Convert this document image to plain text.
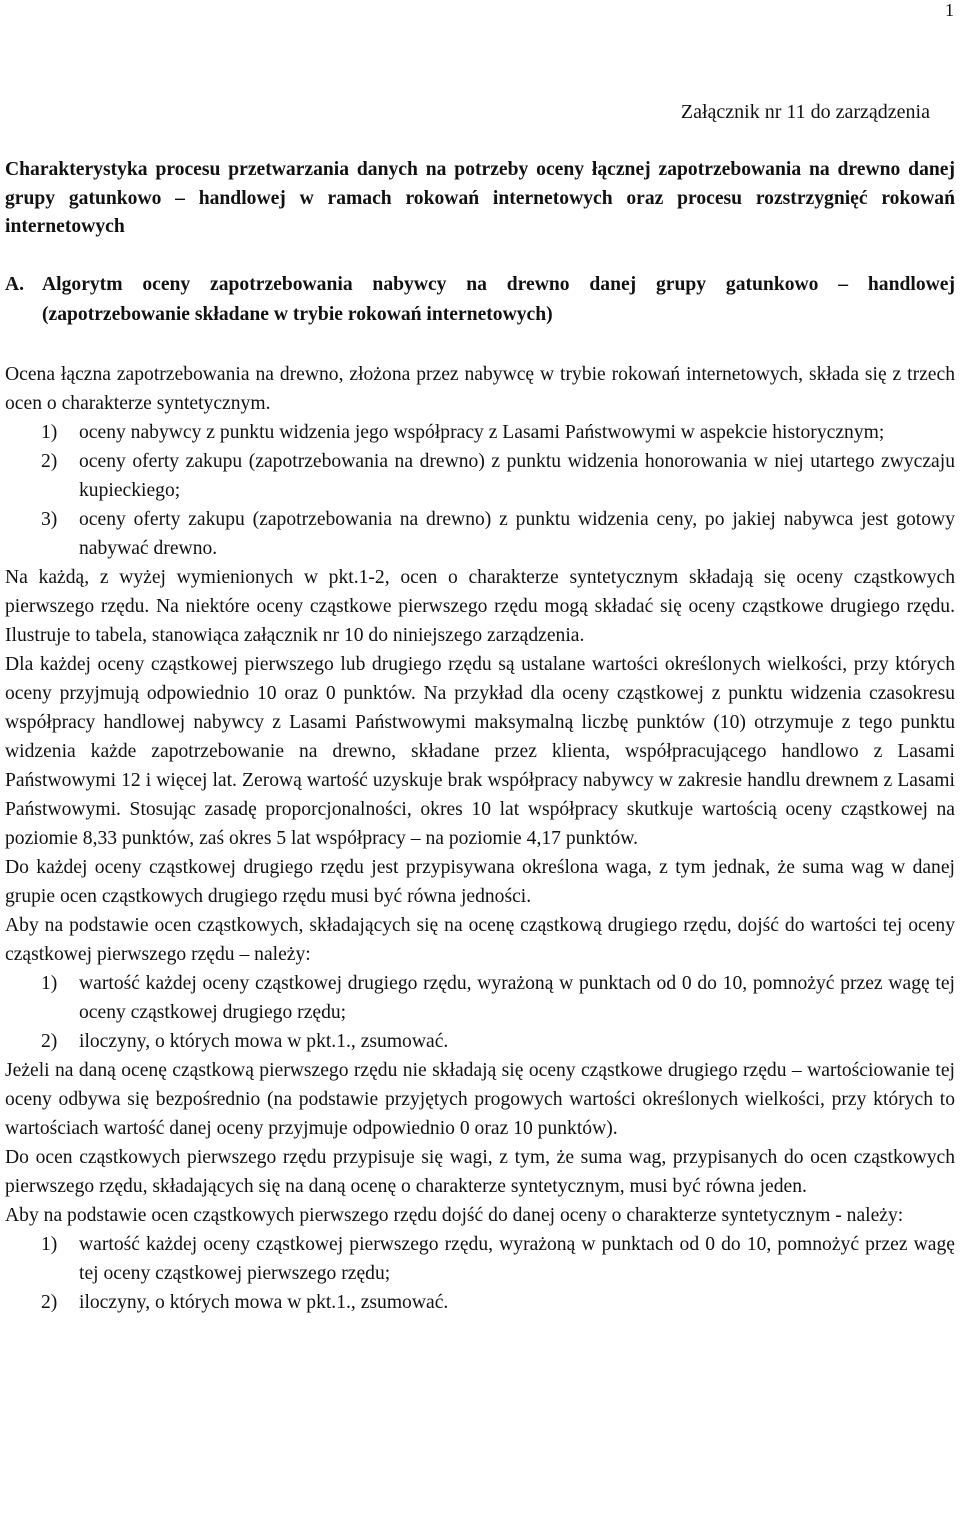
1
Załącznik nr 11 do zarządzenia
Charakterystyka procesu przetwarzania danych na potrzeby oceny łącznej zapotrzebowania na drewno danej grupy gatunkowo – handlowej w ramach rokowań internetowych oraz procesu rozstrzygnięć rokowań internetowych
A. Algorytm oceny zapotrzebowania nabywcy na drewno danej grupy gatunkowo – handlowej (zapotrzebowanie składane w trybie rokowań internetowych)

Ocena łączna zapotrzebowania na drewno, złożona przez nabywcę w trybie rokowań internetowych, składa się z trzech ocen o charakterze syntetycznym.

1) oceny nabywcy z punktu widzenia jego współpracy z Lasami Państwowymi w aspekcie historycznym;
2) oceny oferty zakupu (zapotrzebowania na drewno) z punktu widzenia honorowania w niej utartego zwyczaju kupieckiego;
3) oceny oferty zakupu (zapotrzebowania na drewno) z punktu widzenia ceny, po jakiej nabywca jest gotowy nabywać drewno.

Na każdą, z wyżej wymienionych w pkt.1-2, ocen o charakterze syntetycznym składają się oceny cząstkowych pierwszego rzędu. Na niektóre oceny cząstkowe pierwszego rzędu mogą składać się oceny cząstkowe drugiego rzędu. Ilustruje to tabela, stanowiąca załącznik nr 10 do niniejszego zarządzenia.

Dla każdej oceny cząstkowej pierwszego lub drugiego rzędu są ustalane wartości określonych wielkości, przy których oceny przyjmują odpowiednio 10 oraz 0 punktów. Na przykład dla oceny cząstkowej z punktu widzenia czasokresu współpracy handlowej nabywcy z Lasami Państwowymi maksymalną liczbę punktów (10) otrzymuje z tego punktu widzenia każde zapotrzebowanie na drewno, składane przez klienta, współpracującego handlowo z Lasami Państwowymi 12 i więcej lat. Zerową wartość uzyskuje brak współpracy nabywcy w zakresie handlu drewnem z Lasami Państwowymi. Stosując zasadę proporcjonalności, okres 10 lat współpracy skutkuje wartością oceny cząstkowej na poziomie 8,33 punktów, zaś okres 5 lat współpracy – na poziomie 4,17 punktów.

Do każdej oceny cząstkowej drugiego rzędu jest przypisywana określona waga, z tym jednak, że suma wag w danej grupie ocen cząstkowych drugiego rzędu musi być równa jedności.

Aby na podstawie ocen cząstkowych, składających się na ocenę cząstkową drugiego rzędu, dojść do wartości tej oceny cząstkowej pierwszego rzędu – należy:

1) wartość każdej oceny cząstkowej drugiego rzędu, wyrażoną w punktach od 0 do 10, pomnożyć przez wagę tej oceny cząstkowej drugiego rzędu;
2) iloczyny, o których mowa w pkt.1., zsumować.

Jeżeli na daną ocenę cząstkową pierwszego rzędu nie składają się oceny cząstkowe drugiego rzędu – wartościowanie tej oceny odbywa się bezpośrednio (na podstawie przyjętych progowych wartości określonych wielkości, przy których to wartościach wartość danej oceny przyjmuje odpowiednio 0 oraz 10 punktów).

Do ocen cząstkowych pierwszego rzędu przypisuje się wagi, z tym, że suma wag, przypisanych do ocen cząstkowych pierwszego rzędu, składających się na daną ocenę o charakterze syntetycznym, musi być równa jeden.

Aby na podstawie ocen cząstkowych pierwszego rzędu dojść do danej oceny o charakterze syntetycznym - należy:

1) wartość każdej oceny cząstkowej pierwszego rzędu, wyrażoną w punktach od 0 do 10, pomnożyć przez wagę tej oceny cząstkowej pierwszego rzędu;
2) iloczyny, o których mowa w pkt.1., zsumować.
